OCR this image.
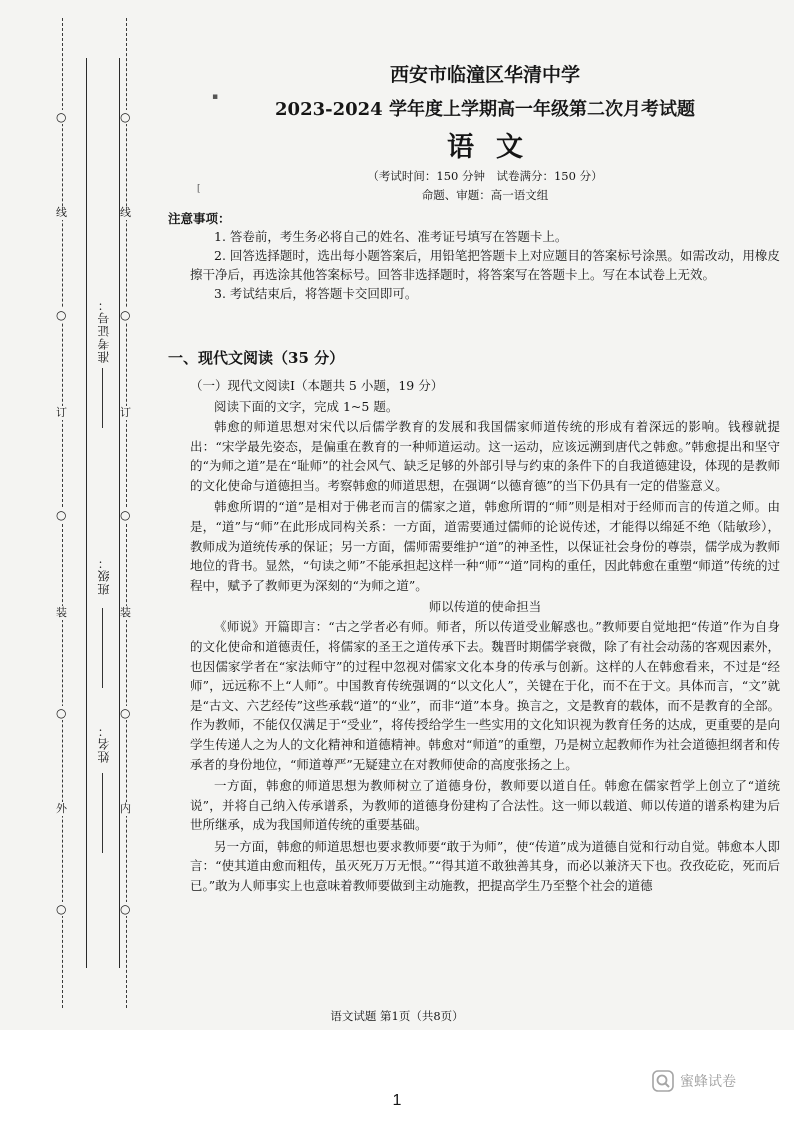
○
线
○
订
○
装
○
外
○
○
线
○
订
○
装
○
内
○
准考证号：
班级：
姓名：
▪
[

西安市临潼区华清中学

2023-2024 学年度上学期高一年级第二次月考试题

语文

（考试时间：150 分钟　试卷满分：150 分）
命题、审题：高一语文组
注意事项：

1. 答卷前，考生务必将自己的姓名、准考证号填写在答题卡上。

2. 回答选择题时，选出每小题答案后，用铅笔把答题卡上对应题目的答案标号涂黑。如需改动，用橡皮擦干净后，再选涂其他答案标号。回答非选择题时，将答案写在答题卡上。写在本试卷上无效。

3. 考试结束后，将答题卡交回即可。

一、现代文阅读（35 分）
（一）现代文阅读Ⅰ（本题共 5 小题，19 分）
阅读下面的文字，完成 1~5 题。

韩愈的师道思想对宋代以后儒学教育的发展和我国儒家师道传统的形成有着深远的影响。钱穆就提出：“宋学最先姿态，是偏重在教育的一种师道运动。这一运动，应该远溯到唐代之韩愈。”韩愈提出和坚守的“为师之道”是在“耻师”的社会风气、缺乏足够的外部引导与约束的条件下的自我道德建设，体现的是教师的文化使命与道德担当。考察韩愈的师道思想，在强调“以德育德”的当下仍具有一定的借鉴意义。

韩愈所谓的“道”是相对于佛老而言的儒家之道，韩愈所谓的“师”则是相对于经师而言的传道之师。由是，“道”与“师”在此形成同构关系：一方面，道需要通过儒师的论说传述，才能得以绵延不绝（陆敏珍），教师成为道统传承的保证；另一方面，儒师需要维护“道”的神圣性，以保证社会身份的尊崇，儒学成为教师地位的背书。显然，“句读之师”不能承担起这样一种“师”“道”同构的重任，因此韩愈在重塑“师道”传统的过程中，赋予了教师更为深刻的“为师之道”。

师以传道的使命担当

《师说》开篇即言：“古之学者必有师。师者，所以传道受业解惑也。”教师要自觉地把“传道”作为自身的文化使命和道德责任，将儒家的圣王之道传承下去。魏晋时期儒学衰微，除了有社会动荡的客观因素外，也因儒家学者在“家法师守”的过程中忽视对儒家文化本身的传承与创新。这样的人在韩愈看来，不过是“经师”，远远称不上“人师”。中国教育传统强调的“以文化人”，关键在于化，而不在于文。具体而言，“文”就是“古文、六艺经传”这些承载“道”的“业”，而非“道”本身。换言之，文是教育的载体，而不是教育的全部。作为教师，不能仅仅满足于“受业”，将传授给学生一些实用的文化知识视为教育任务的达成，更重要的是向学生传递人之为人的文化精神和道德精神。韩愈对“师道”的重塑，乃是树立起教师作为社会道德担纲者和传承者的身份地位，“师道尊严”无疑建立在对教师使命的高度张扬之上。

一方面，韩愈的师道思想为教师树立了道德身份，教师要以道自任。韩愈在儒家哲学上创立了“道统说”，并将自己纳入传承谱系，为教师的道德身份建构了合法性。这一师以载道、师以传道的谱系构建为后世所继承，成为我国师道传统的重要基础。

另一方面，韩愈的师道思想也要求教师要“敢于为师”，使“传道”成为道德自觉和行动自觉。韩愈本人即言：“使其道由愈而粗传，虽灭死万万无恨。”“得其道不敢独善其身，而必以兼济天下也。孜孜矻矻，死而后已。”敢为人师事实上也意味着教师要做到主动施教，把提高学生乃至整个社会的道德

语文试题 第1页（共8页）
蜜蜂试卷
1
